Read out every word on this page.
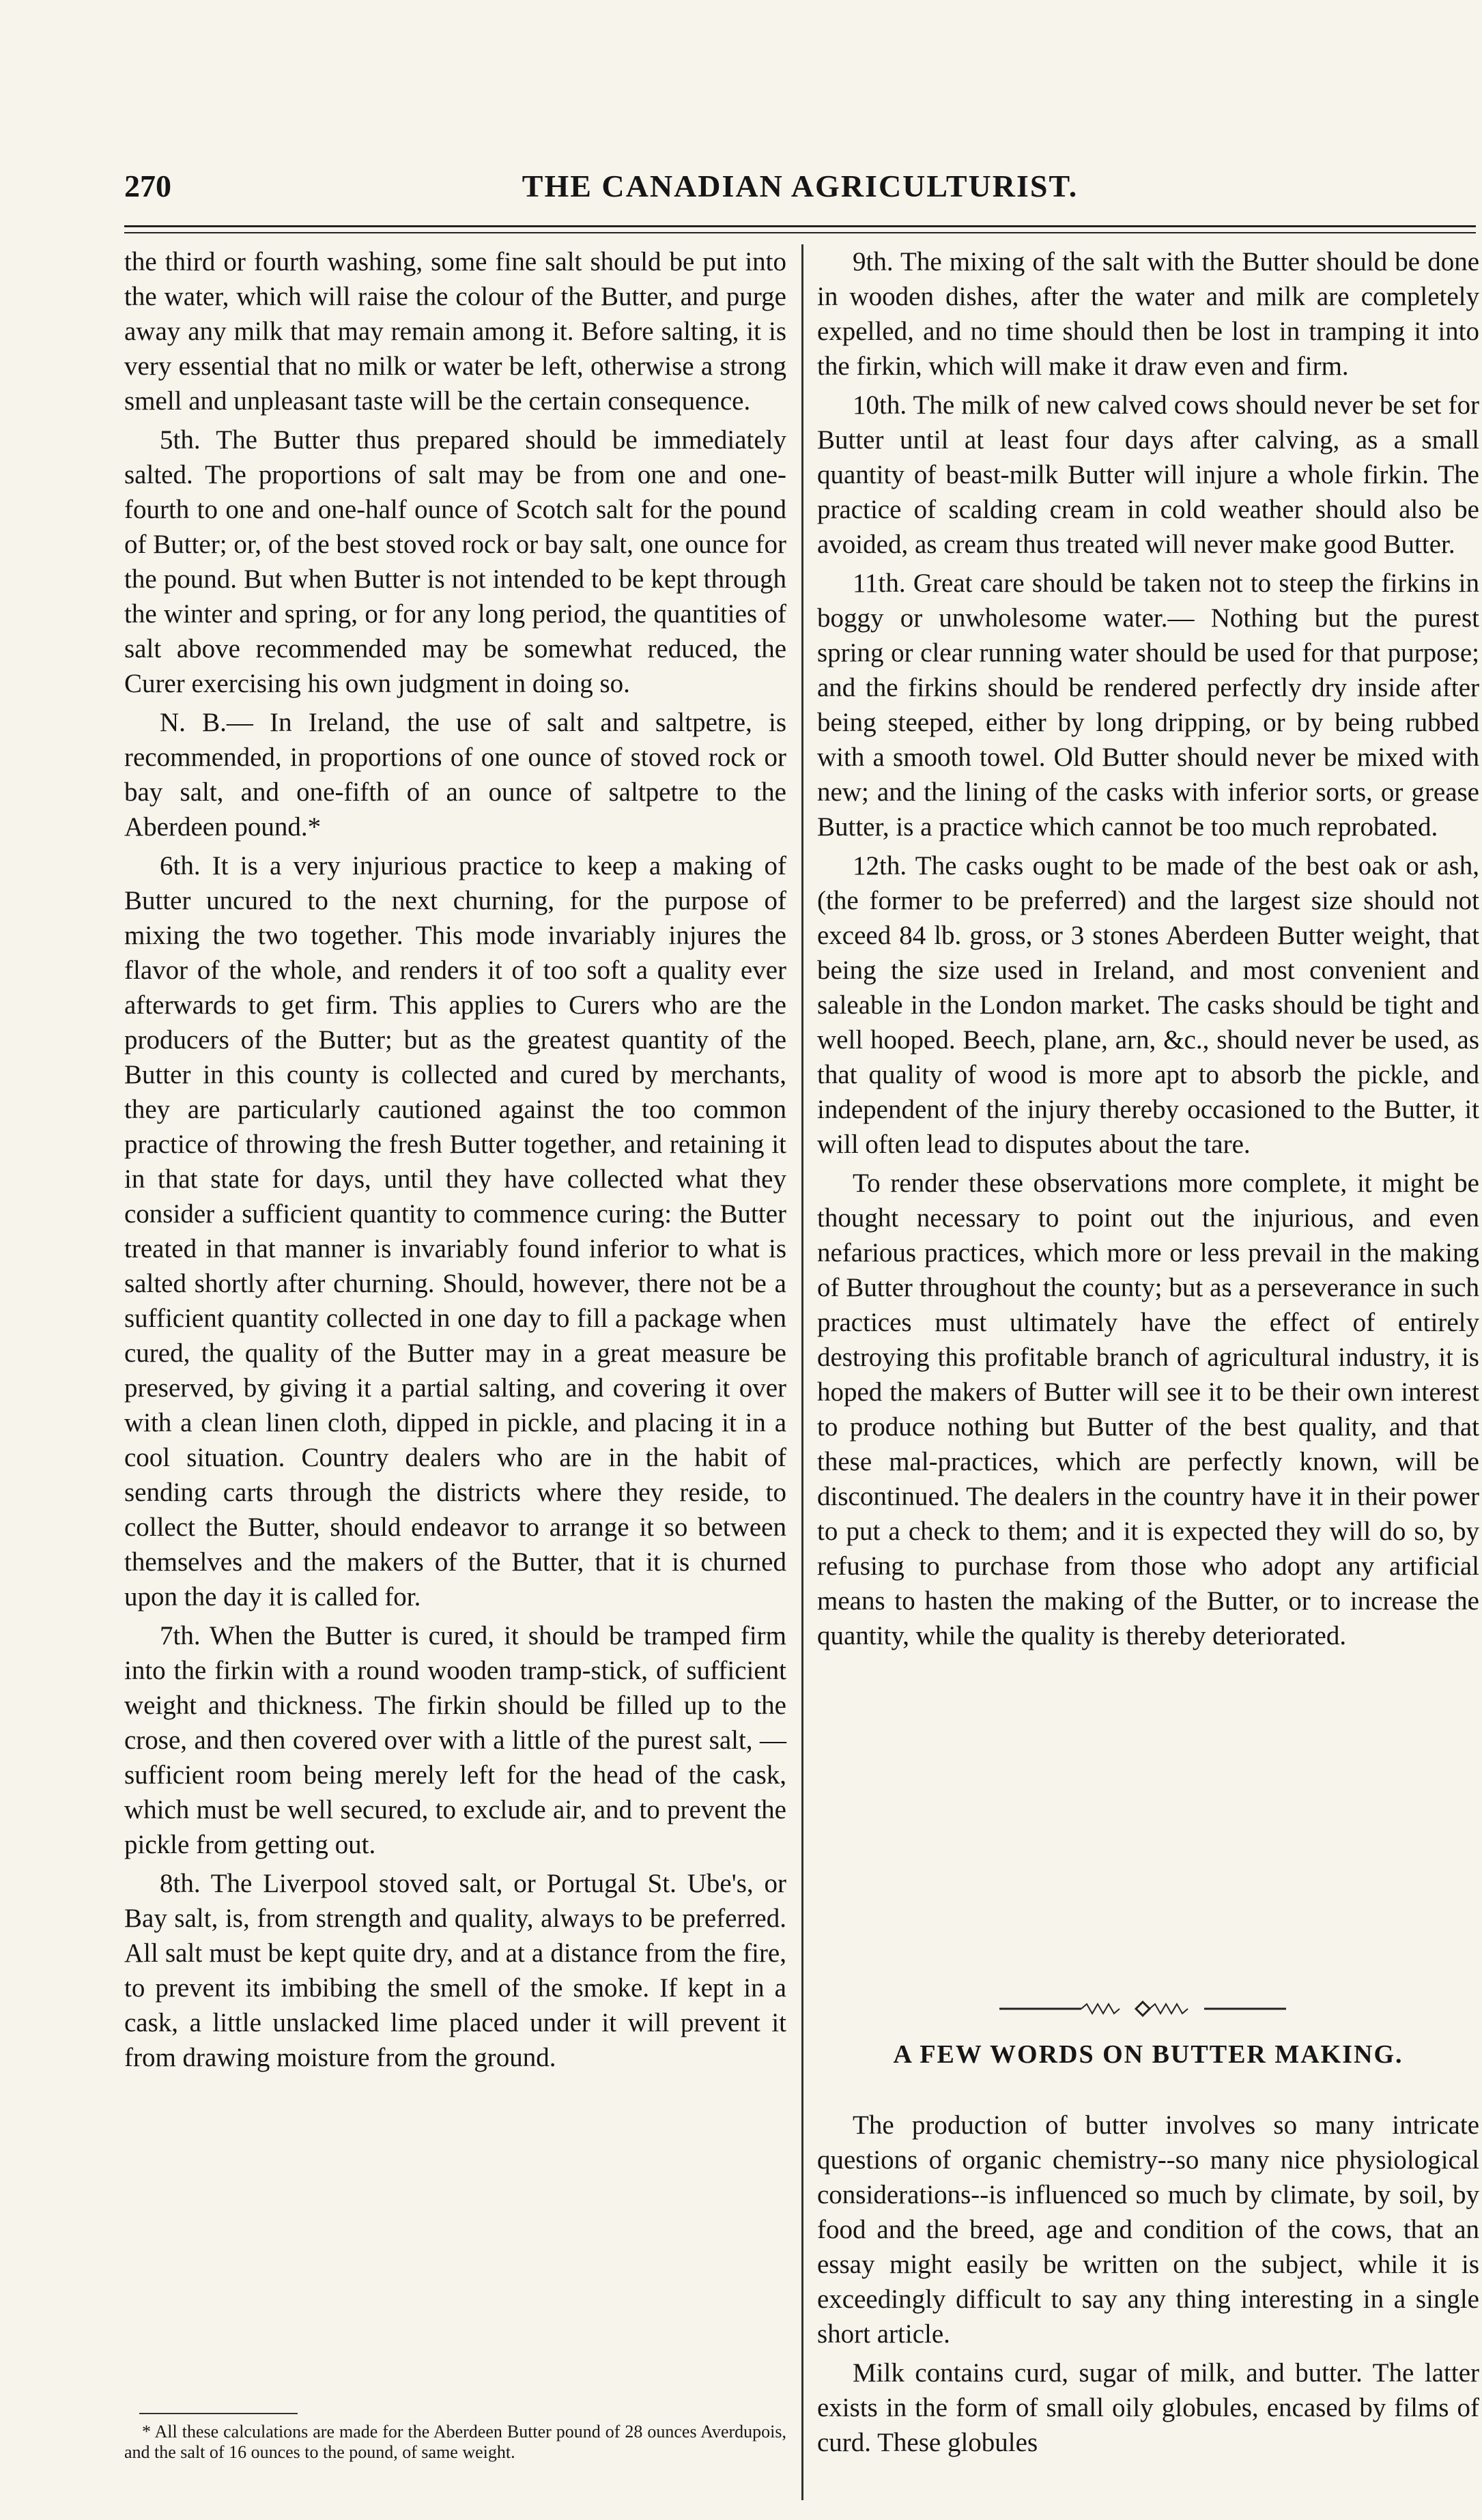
270	THE CANADIAN AGRICULTURIST.

the third or fourth washing, some fine salt should be put into the water, which will raise the colour of the Butter, and purge away any milk that may remain among it. Before salting, it is very essential that no milk or water be left, otherwise a strong smell and unpleasant taste will be the certain consequence.

5th. The Butter thus prepared should be immediately salted. The proportions of salt may be from one and one-fourth to one and one-half ounce of Scotch salt for the pound of Butter; or, of the best stoved rock or bay salt, one ounce for the pound. But when Butter is not intended to be kept through the winter and spring, or for any long period, the quantities of salt above recommended may be somewhat reduced, the Curer exercising his own judgment in doing so.

N. B.— In Ireland, the use of salt and saltpetre, is recommended, in proportions of one ounce of stoved rock or bay salt, and one-fifth of an ounce of saltpetre to the Aberdeen pound.*

6th. It is a very injurious practice to keep a making of Butter uncured to the next churning, for the purpose of mixing the two together. This mode invariably injures the flavor of the whole, and renders it of too soft a quality ever afterwards to get firm. This applies to Curers who are the producers of the Butter; but as the greatest quantity of the Butter in this county is collected and cured by merchants, they are particularly cautioned against the too common practice of throwing the fresh Butter together, and retaining it in that state for days, until they have collected what they consider a sufficient quantity to commence curing: the Butter treated in that manner is invariably found inferior to what is salted shortly after churning. Should, however, there not be a sufficient quantity collected in one day to fill a package when cured, the quality of the Butter may in a great measure be preserved, by giving it a partial salting, and covering it over with a clean linen cloth, dipped in pickle, and placing it in a cool situation. Country dealers who are in the habit of sending carts through the districts where they reside, to collect the Butter, should endeavor to arrange it so between themselves and the makers of the Butter, that it is churned upon the day it is called for.

7th. When the Butter is cured, it should be tramped firm into the firkin with a round wooden tramp-stick, of sufficient weight and thickness. The firkin should be filled up to the crose, and then covered over with a little of the purest salt, —sufficient room being merely left for the head of the cask, which must be well secured, to exclude air, and to prevent the pickle from getting out.

8th. The Liverpool stoved salt, or Portugal St. Ube's, or Bay salt, is, from strength and quality, always to be preferred. All salt must be kept quite dry, and at a distance from the fire, to prevent its imbibing the smell of the smoke. If kept in a cask, a little unslacked lime placed under it will prevent it from drawing moisture from the ground.

* All these calculations are made for the Aberdeen Butter pound of 28 ounces Averdupois, and the salt of 16 ounces to the pound, of same weight.

9th. The mixing of the salt with the Butter should be done in wooden dishes, after the water and milk are completely expelled, and no time should then be lost in tramping it into the firkin, which will make it draw even and firm.

10th. The milk of new calved cows should never be set for Butter until at least four days after calving, as a small quantity of beast-milk Butter will injure a whole firkin. The practice of scalding cream in cold weather should also be avoided, as cream thus treated will never make good Butter.

11th. Great care should be taken not to steep the firkins in boggy or unwholesome water.— Nothing but the purest spring or clear running water should be used for that purpose; and the firkins should be rendered perfectly dry inside after being steeped, either by long dripping, or by being rubbed with a smooth towel. Old Butter should never be mixed with new; and the lining of the casks with inferior sorts, or grease Butter, is a practice which cannot be too much reprobated.

12th. The casks ought to be made of the best oak or ash, (the former to be preferred) and the largest size should not exceed 84 lb. gross, or 3 stones Aberdeen Butter weight, that being the size used in Ireland, and most convenient and saleable in the London market. The casks should be tight and well hooped. Beech, plane, arn, &c., should never be used, as that quality of wood is more apt to absorb the pickle, and independent of the injury thereby occasioned to the Butter, it will often lead to disputes about the tare.

To render these observations more complete, it might be thought necessary to point out the injurious, and even nefarious practices, which more or less prevail in the making of Butter throughout the county; but as a perseverance in such practices must ultimately have the effect of entirely destroying this profitable branch of agricultural industry, it is hoped the makers of Butter will see it to be their own interest to produce nothing but Butter of the best quality, and that these mal-practices, which are perfectly known, will be discontinued. The dealers in the country have it in their power to put a check to them; and it is expected they will do so, by refusing to purchase from those who adopt any artificial means to hasten the making of the Butter, or to increase the quantity, while the quality is thereby deteriorated.

A FEW WORDS ON BUTTER MAKING.

The production of butter involves so many intricate questions of organic chemistry--so many nice physiological considerations--is influenced so much by climate, by soil, by food and the breed, age and condition of the cows, that an essay might easily be written on the subject, while it is exceedingly difficult to say any thing interesting in a single short article.

Milk contains curd, sugar of milk, and butter. The latter exists in the form of small oily globules, encased by films of curd. These globules
